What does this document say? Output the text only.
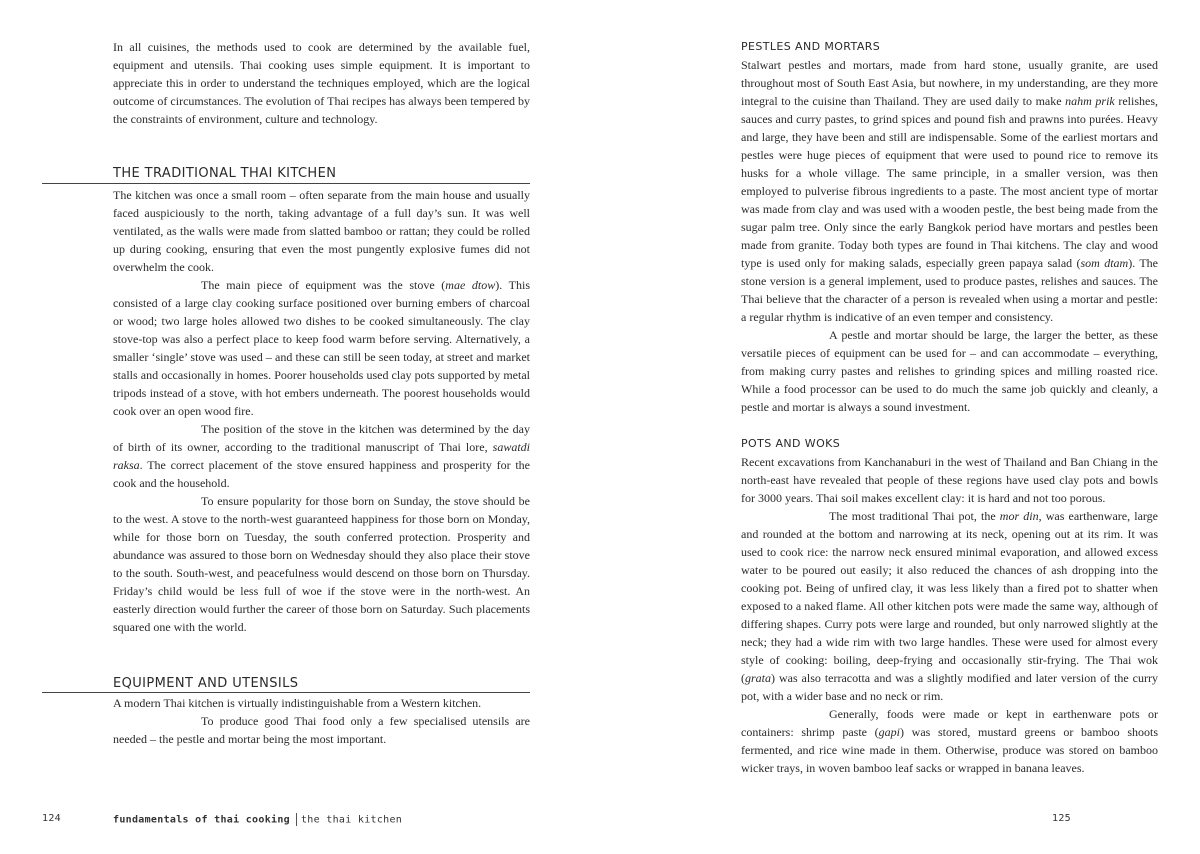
In all cuisines, the methods used to cook are determined by the available fuel, equipment and utensils. Thai cooking uses simple equipment. It is important to appreciate this in order to understand the techniques employed, which are the logical outcome of circumstances. The evolution of Thai recipes has always been tempered by the constraints of environment, culture and technology.

THE TRADITIONAL THAI KITCHEN

The kitchen was once a small room – often separate from the main house and usually faced auspiciously to the north, taking advantage of a full day’s sun. It was well ventilated, as the walls were made from slatted bamboo or rattan; they could be rolled up during cooking, ensuring that even the most pungently explosive fumes did not overwhelm the cook.

The main piece of equipment was the stove (mae dtow). This consisted of a large clay cooking surface positioned over burning embers of charcoal or wood; two large holes allowed two dishes to be cooked simultaneously. The clay stove-top was also a perfect place to keep food warm before serving. Alternatively, a smaller ‘single’ stove was used – and these can still be seen today, at street and market stalls and occasionally in homes. Poorer households used clay pots supported by metal tripods instead of a stove, with hot embers underneath. The poorest households would cook over an open wood fire.

The position of the stove in the kitchen was determined by the day of birth of its owner, according to the traditional manuscript of Thai lore, sawatdi raksa. The correct placement of the stove ensured happiness and prosperity for the cook and the household.

To ensure popularity for those born on Sunday, the stove should be to the west. A stove to the north-west guaranteed happiness for those born on Monday, while for those born on Tuesday, the south conferred protection. Prosperity and abundance was assured to those born on Wednesday should they also place their stove to the south. South-west, and peacefulness would descend on those born on Thursday. Friday’s child would be less full of woe if the stove were in the north-west. An easterly direction would further the career of those born on Saturday. Such placements squared one with the world.

EQUIPMENT AND UTENSILS

A modern Thai kitchen is virtually indistinguishable from a Western kitchen.

To produce good Thai food only a few specialised utensils are needed – the pestle and mortar being the most important.

124	fundamentals of thai cooking the thai kitchen

PESTLES AND MORTARS

Stalwart pestles and mortars, made from hard stone, usually granite, are used throughout most of South East Asia, but nowhere, in my understanding, are they more integral to the cuisine than Thailand. They are used daily to make nahm prik relishes, sauces and curry pastes, to grind spices and pound fish and prawns into purées. Heavy and large, they have been and still are indispensable. Some of the earliest mortars and pestles were huge pieces of equipment that were used to pound rice to remove its husks for a whole village. The same principle, in a smaller version, was then employed to pulverise fibrous ingredients to a paste. The most ancient type of mortar was made from clay and was used with a wooden pestle, the best being made from the sugar palm tree. Only since the early Bangkok period have mortars and pestles been made from granite. Today both types are found in Thai kitchens. The clay and wood type is used only for making salads, especially green papaya salad (som dtam). The stone version is a general implement, used to produce pastes, relishes and sauces. The Thai believe that the character of a person is revealed when using a mortar and pestle: a regular rhythm is indicative of an even temper and consistency.

A pestle and mortar should be large, the larger the better, as these versatile pieces of equipment can be used for – and can accommodate – everything, from making curry pastes and relishes to grinding spices and milling roasted rice. While a food processor can be used to do much the same job quickly and cleanly, a pestle and mortar is always a sound investment.

POTS AND WOKS

Recent excavations from Kanchanaburi in the west of Thailand and Ban Chiang in the north-east have revealed that people of these regions have used clay pots and bowls for 3000 years. Thai soil makes excellent clay: it is hard and not too porous.

The most traditional Thai pot, the mor din, was earthenware, large and rounded at the bottom and narrowing at its neck, opening out at its rim. It was used to cook rice: the narrow neck ensured minimal evaporation, and allowed excess water to be poured out easily; it also reduced the chances of ash dropping into the cooking pot. Being of unfired clay, it was less likely than a fired pot to shatter when exposed to a naked flame. All other kitchen pots were made the same way, although of differing shapes. Curry pots were large and rounded, but only narrowed slightly at the neck; they had a wide rim with two large handles. These were used for almost every style of cooking: boiling, deep-frying and occasionally stir-frying. The Thai wok (grata) was also terracotta and was a slightly modified and later version of the curry pot, with a wider base and no neck or rim.

Generally, foods were made or kept in earthenware pots or containers: shrimp paste (gapi) was stored, mustard greens or bamboo shoots fermented, and rice wine made in them. Otherwise, produce was stored on bamboo wicker trays, in woven bamboo leaf sacks or wrapped in banana leaves.

125
